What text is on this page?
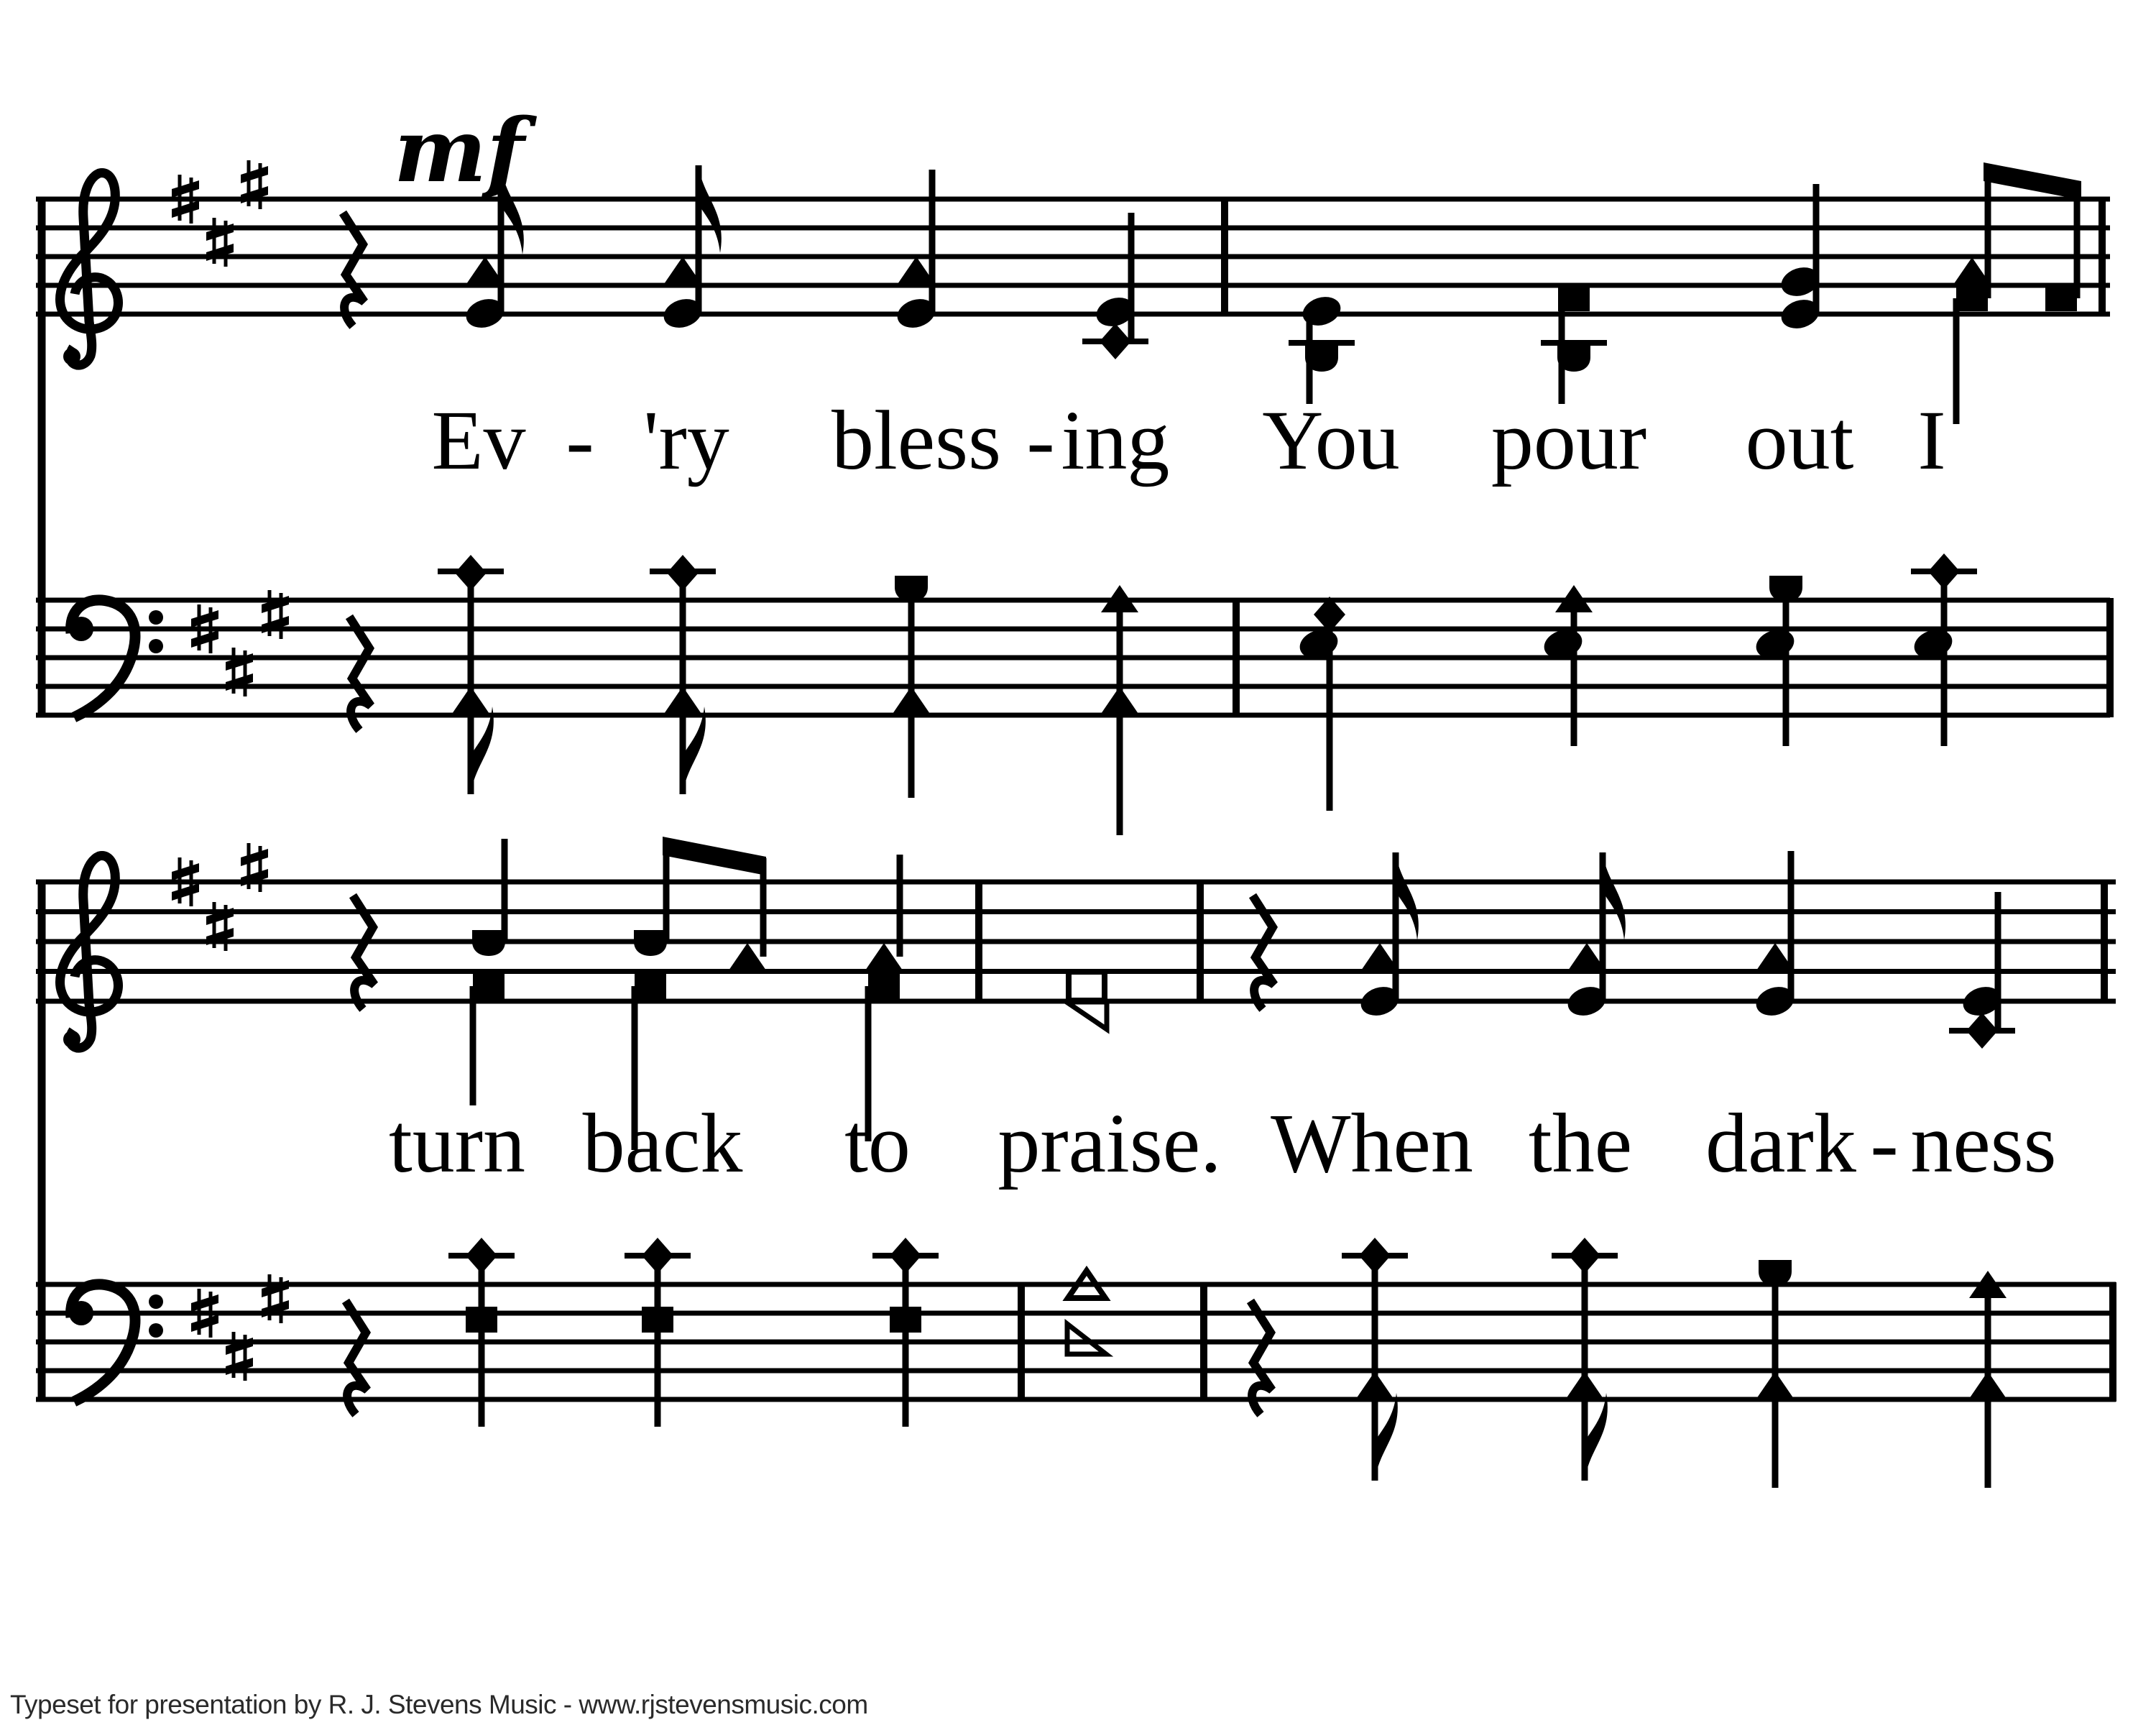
mf
Ev - 'ry bless - ing You pour out I
turn back to praise. When the dark - ness
Typeset for presentation by R. J. Stevens Music - www.rjstevensmusic.com
